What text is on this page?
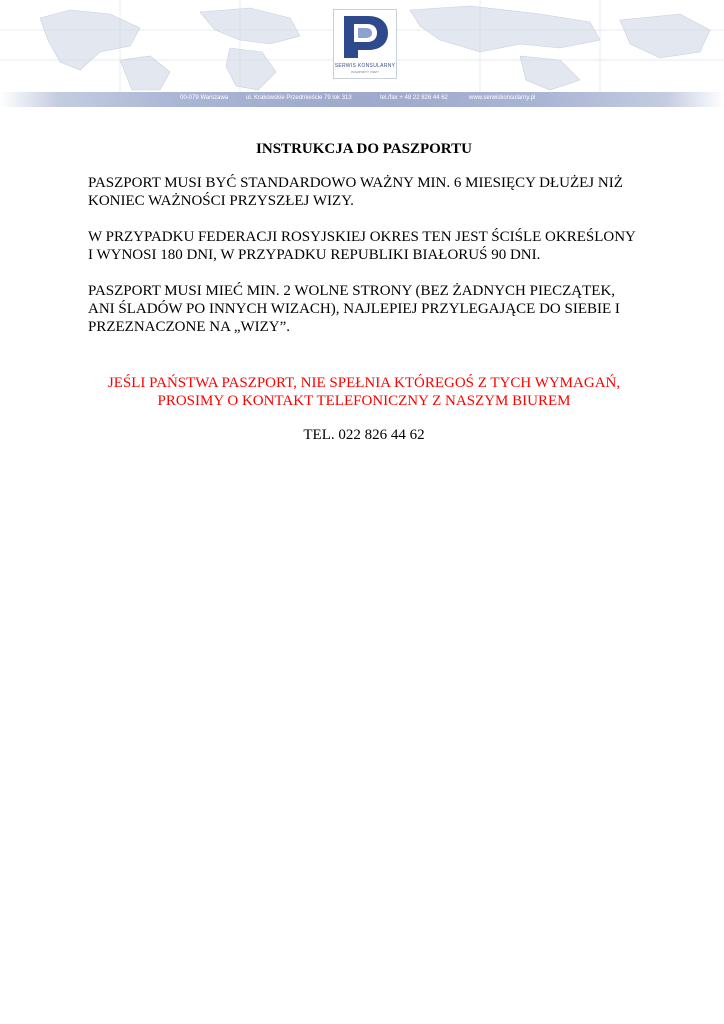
SERWIS KONSULARNY
PASZPORTY | WIZY
00-079 Warszawa	ul. Krakowskie Przedmieście 79 lok 313	tel./fax + 48 22 826 44 62	www.serwiskonsularny.pl
INSTRUKCJA DO PASZPORTU

PASZPORT MUSI BYĆ STANDARDOWO WAŻNY MIN. 6 MIESIĘCY DŁUŻEJ NIŻ KONIEC WAŻNOŚCI PRZYSZŁEJ WIZY.

W PRZYPADKU FEDERACJI ROSYJSKIEJ OKRES TEN JEST ŚCIŚLE OKREŚLONY I WYNOSI 180 DNI, W PRZYPADKU REPUBLIKI BIAŁORUŚ 90 DNI.

PASZPORT MUSI MIEĆ MIN. 2 WOLNE STRONY (BEZ ŻADNYCH PIECZĄTEK, ANI ŚLADÓW PO INNYCH WIZACH), NAJLEPIEJ PRZYLEGAJĄCE DO SIEBIE I PRZEZNACZONE NA „WIZY”.

JEŚLI PAŃSTWA PASZPORT, NIE SPEŁNIA KTÓREGOŚ Z TYCH WYMAGAŃ,
PROSIMY O KONTAKT TELEFONICZNY Z NASZYM BIUREM

TEL. 022 826 44 62
